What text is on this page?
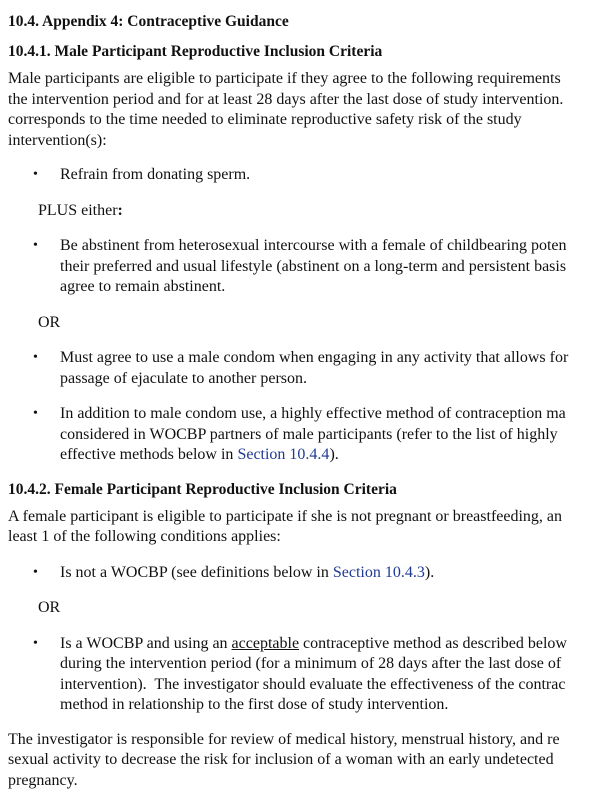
10.4. Appendix 4: Contraceptive Guidance
10.4.1. Male Participant Reproductive Inclusion Criteria
Male participants are eligible to participate if they agree to the following requirements
the intervention period and for at least 28 days after the last dose of study intervention.
corresponds to the time needed to eliminate reproductive safety risk of the study
intervention(s):
• Refrain from donating sperm.
PLUS either:
• Be abstinent from heterosexual intercourse with a female of childbearing poten
their preferred and usual lifestyle (abstinent on a long-term and persistent basis
agree to remain abstinent.
OR
• Must agree to use a male condom when engaging in any activity that allows for
passage of ejaculate to another person.
• In addition to male condom use, a highly effective method of contraception ma
considered in WOCBP partners of male participants (refer to the list of highly
effective methods below in Section 10.4.4).
10.4.2. Female Participant Reproductive Inclusion Criteria
A female participant is eligible to participate if she is not pregnant or breastfeeding, an
least 1 of the following conditions applies:
• Is not a WOCBP (see definitions below in Section 10.4.3).
OR
• Is a WOCBP and using an acceptable contraceptive method as described below
during the intervention period (for a minimum of 28 days after the last dose of
intervention).  The investigator should evaluate the effectiveness of the contrac
method in relationship to the first dose of study intervention.
The investigator is responsible for review of medical history, menstrual history, and re
sexual activity to decrease the risk for inclusion of a woman with an early undetected
pregnancy.
